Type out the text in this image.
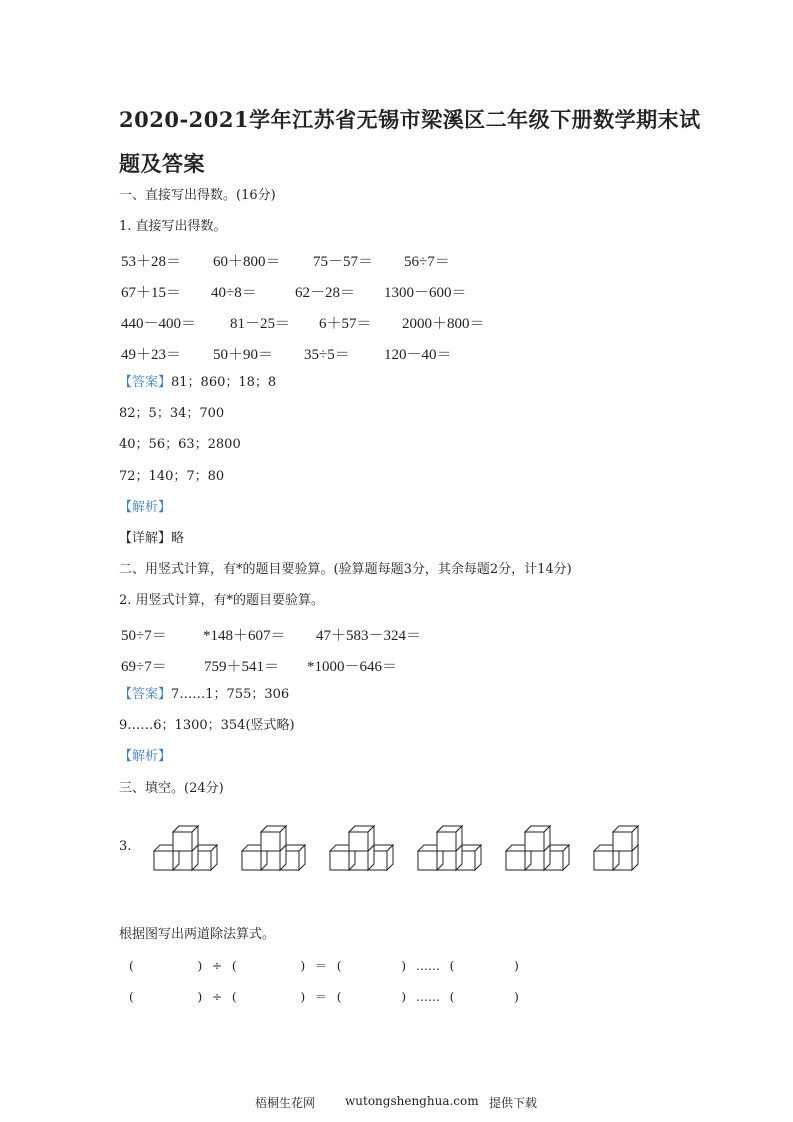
2020-2021学年江苏省无锡市梁溪区二年级下册数学期末试
题及答案
一、直接写出得数。(16分)
1. 直接写出得数。
53＋28＝ 60＋800＝ 75－57＝ 56÷7＝
67＋15＝ 40÷8＝	62－28＝ 1300－600＝
440－400＝ 81－25＝ 6＋57＝ 2000＋800＝
49＋23＝ 50＋90＝ 35÷5＝ 120－40＝
【答案】81；860；18；8
82；5；34；700
40；56；63；2800
72；140；7；80
【解析】
【详解】略
二、用竖式计算，有*的题目要验算。(验算题每题3分，其余每题2分，计14分)
2. 用竖式计算，有*的题目要验算。
50÷7＝ *148＋607＝ 47＋583－324＝
69÷7＝ 759＋541＝ *1000－646＝
【答案】7……1；755；306
9……6；1300；354(竖式略)
【解析】
三、填空。(24分)
3.
根据图写出两道除法算式。
(	) ÷ (	) ＝ (	) …… (	)
(	) ÷ (	) ＝ (	) …… (	)
梧桐生花网 wutongshenghua.com 提供下载
